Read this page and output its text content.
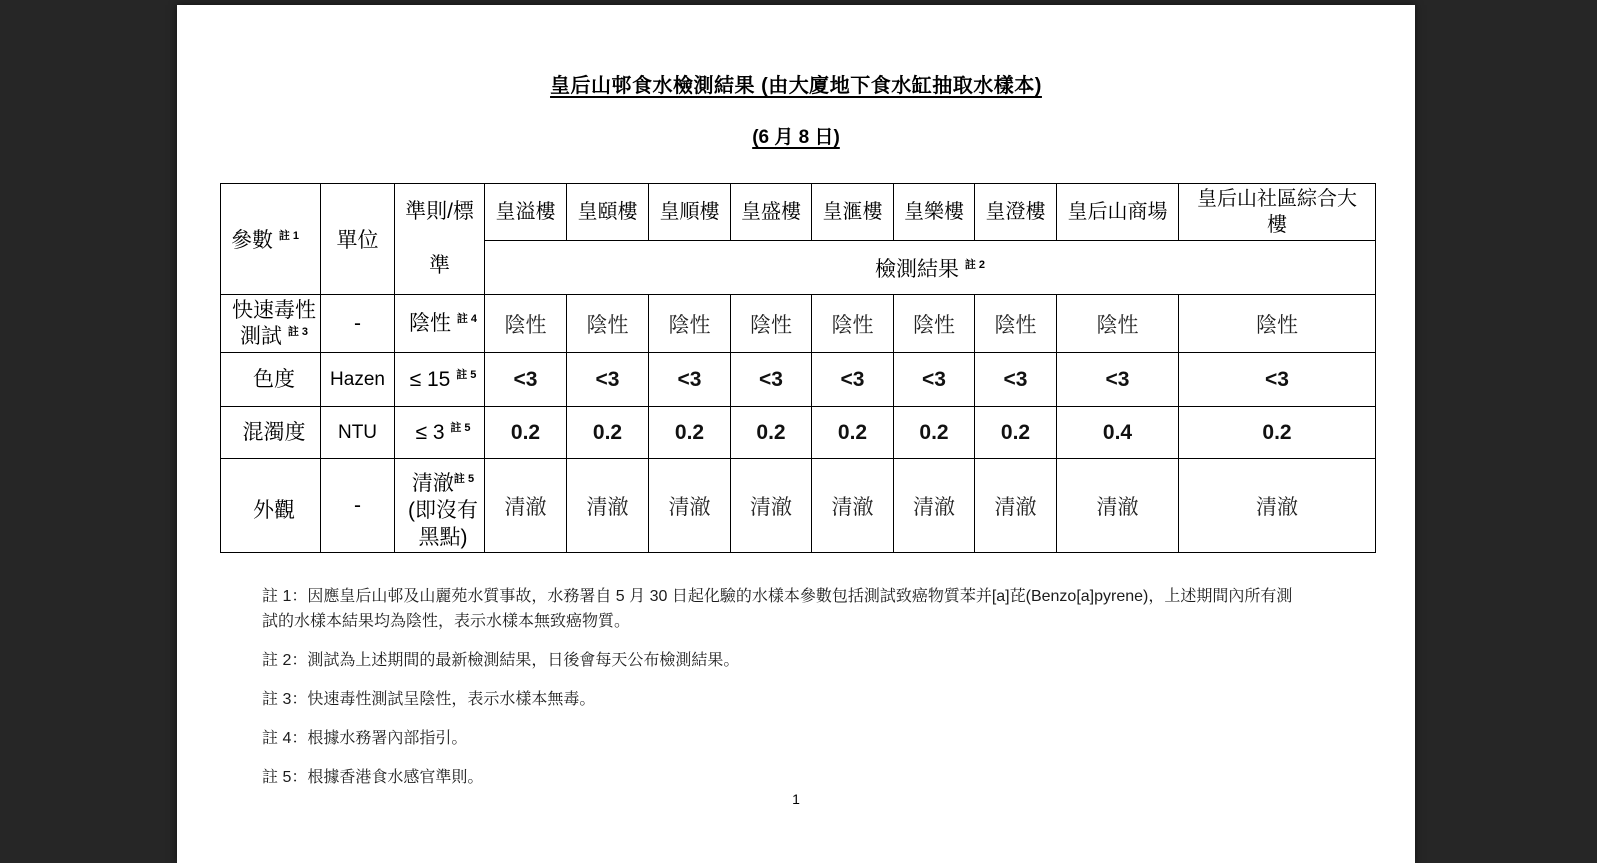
皇后山邨食水檢測結果 (由大廈地下食水缸抽取水樣本)
(6 月 8 日)
參數 $^{註 1}$	單位	準則/標準	皇溢樓	皇頤樓	皇順樓	皇盛樓	皇滙樓	皇樂樓	皇澄樓	皇后山商場	皇后山社區綜合大樓
			檢測結果 $^{註 2}$
快速毒性測試 $^{註 3}$	-	陰性 $^{註 4}$	陰性	陰性	陰性	陰性	陰性	陰性	陰性	陰性	陰性
色度	Hazen	≤ 15 $^{註 5}$	<3	<3	<3	<3	<3	<3	<3	<3	<3
混濁度	NTU	≤ 3 $^{註 5}$	0.2	0.2	0.2	0.2	0.2	0.2	0.2	0.4	0.2
外觀	-	清澈$^{註 5}$ (即沒有黑點)	清澈	清澈	清澈	清澈	清澈	清澈	清澈	清澈	清澈

註 1：因應皇后山邨及山麗苑水質事故，水務署自 5 月 30 日起化驗的水樣本參數包括測試致癌物質苯并[a]芘(Benzo[a]pyrene)，上述期間內所有測試的水樣本結果均為陰性，表示水樣本無致癌物質。

註 2：測試為上述期間的最新檢測結果，日後會每天公布檢測結果。

註 3：快速毒性測試呈陰性，表示水樣本無毒。

註 4：根據水務署內部指引。

註 5：根據香港食水感官準則。

1
